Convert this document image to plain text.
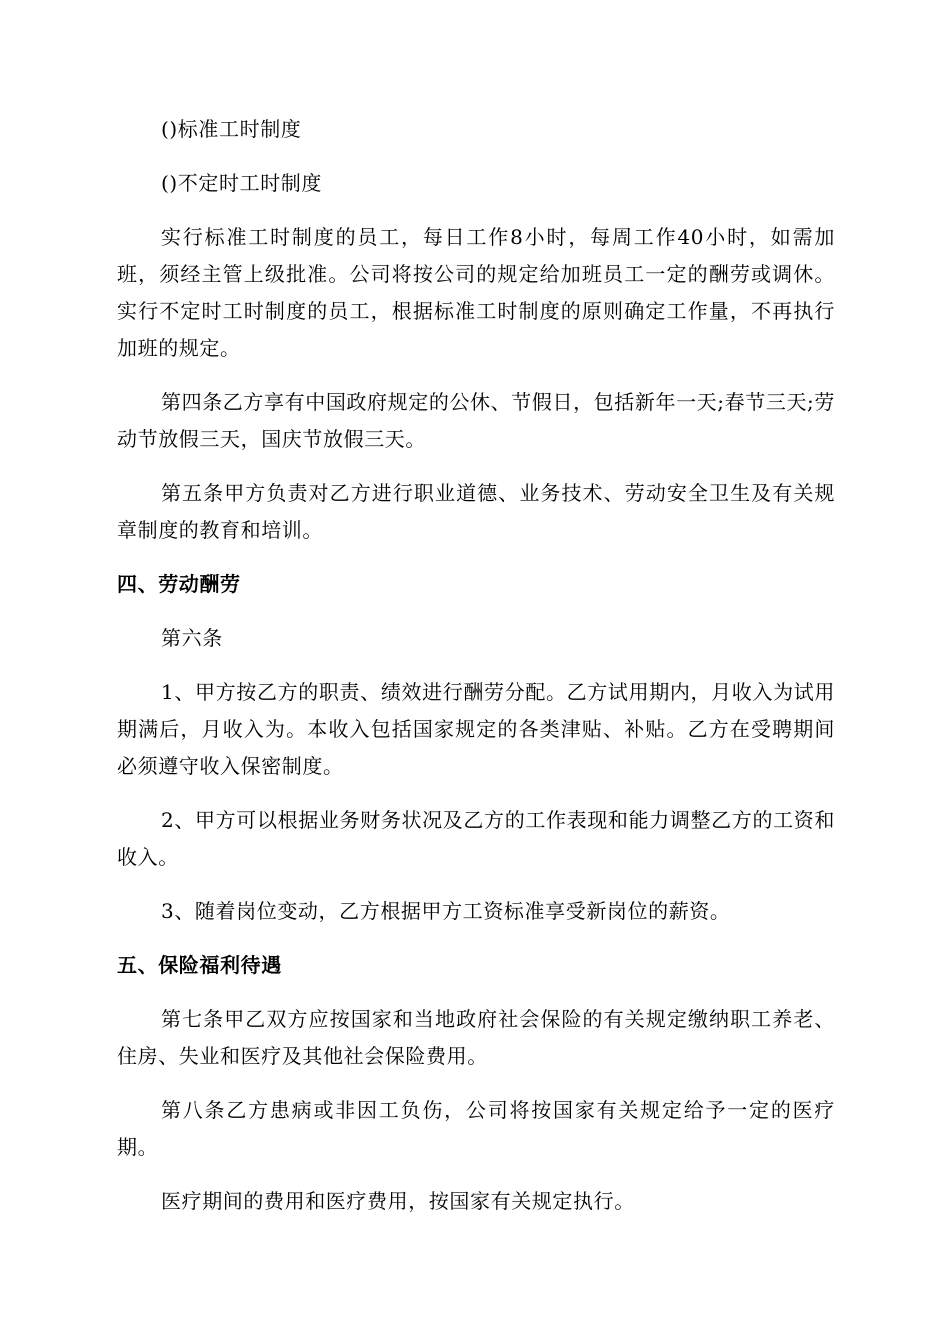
()标准工时制度

()不定时工时制度

实行标准工时制度的员工，每日工作8小时，每周工作40小时，如需加班，须经主管上级批准。公司将按公司的规定给加班员工一定的酬劳或调休。实行不定时工时制度的员工，根据标准工时制度的原则确定工作量，不再执行加班的规定。

第四条乙方享有中国政府规定的公休、节假日，包括新年一天;春节三天;劳动节放假三天，国庆节放假三天。

第五条甲方负责对乙方进行职业道德、业务技术、劳动安全卫生及有关规章制度的教育和培训。

四、劳动酬劳

第六条

1、甲方按乙方的职责、绩效进行酬劳分配。乙方试用期内，月收入为试用期满后，月收入为。本收入包括国家规定的各类津贴、补贴。乙方在受聘期间必须遵守收入保密制度。

2、甲方可以根据业务财务状况及乙方的工作表现和能力调整乙方的工资和收入。

3、随着岗位变动，乙方根据甲方工资标准享受新岗位的薪资。

五、保险福利待遇

第七条甲乙双方应按国家和当地政府社会保险的有关规定缴纳职工养老、住房、失业和医疗及其他社会保险费用。

第八条乙方患病或非因工负伤，公司将按国家有关规定给予一定的医疗期。

医疗期间的费用和医疗费用，按国家有关规定执行。
